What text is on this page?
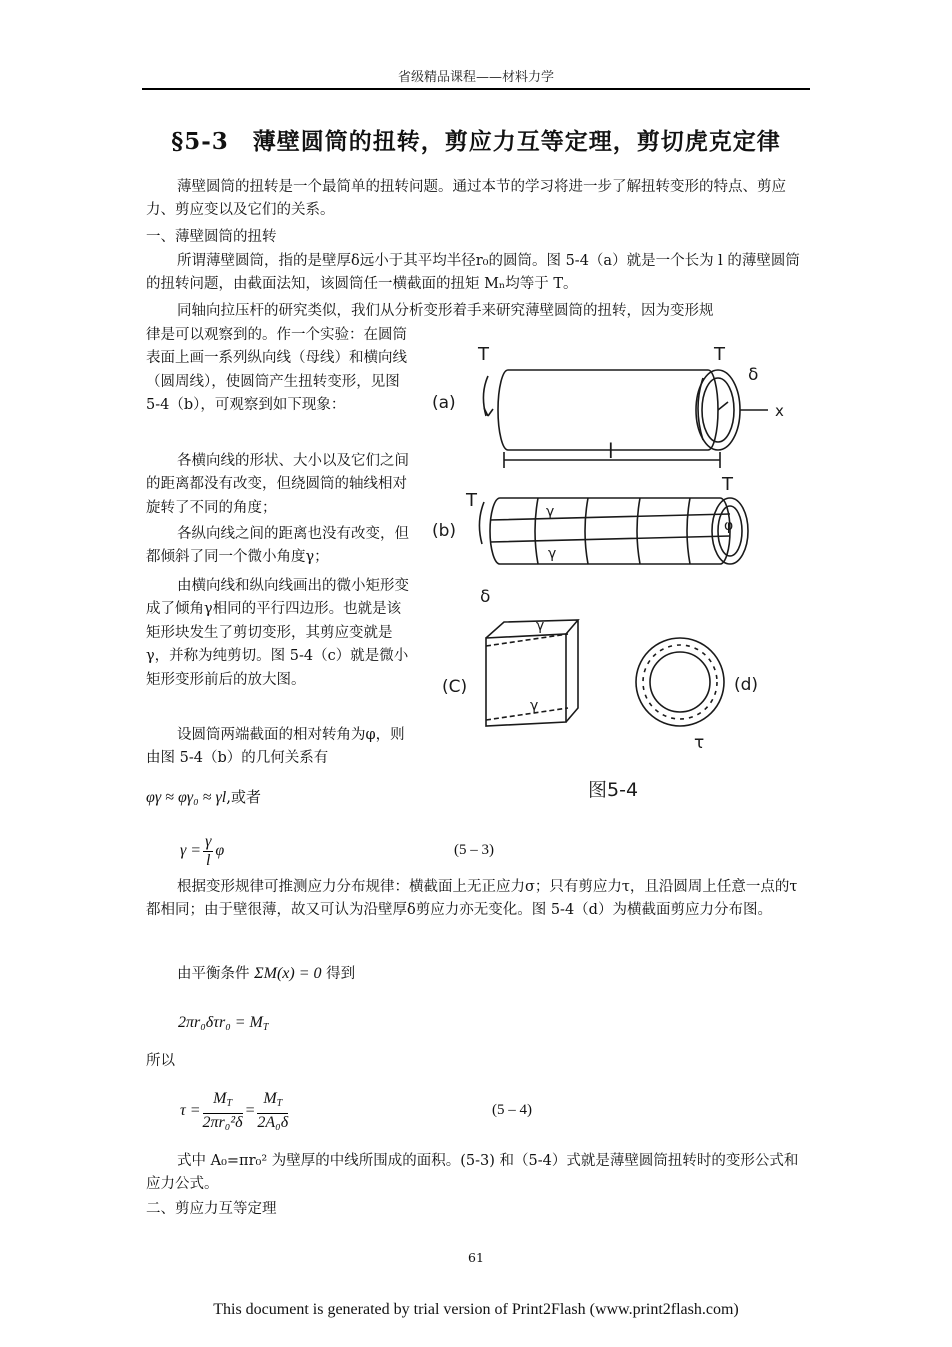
省级精品课程——材料力学
§5-3　薄壁圆筒的扭转，剪应力互等定理，剪切虎克定律
薄壁圆筒的扭转是一个最简单的扭转问题。通过本节的学习将进一步了解扭转变形的特点、剪应力、剪应变以及它们的关系。
一、薄壁圆筒的扭转
所谓薄壁圆筒，指的是壁厚δ远小于其平均半径r₀的圆筒。图 5-4（a）就是一个长为 l 的薄壁圆筒的扭转问题，由截面法知，该圆筒任一横截面的扭矩 Mₙ均等于 T。
同轴向拉压杆的研究类似，我们从分析变形着手来研究薄壁圆筒的扭转，因为变形规
律是可以观察到的。作一个实验：在圆筒表面上画一系列纵向线（母线）和横向线（圆周线），使圆筒产生扭转变形，见图 5-4（b），可观察到如下现象：
各横向线的形状、大小以及它们之间的距离都没有改变，但绕圆筒的轴线相对旋转了不同的角度；
各纵向线之间的距离也没有改变，但都倾斜了同一个微小角度γ；
由横向线和纵向线画出的微小矩形变成了倾角γ相同的平行四边形。也就是该矩形块发生了剪切变形，其剪应变就是γ，并称为纯剪切。图 5-4（c）就是微小矩形变形前后的放大图。
设圆筒两端截面的相对转角为φ，则由图 5-4（b）的几何关系有
φγ ≈ φγ₀ ≈ γl,或者
(a)
T
x
δ
T
l
(b)
T
γ
γ
φ
T
(C)
δ
γ
γ
(d)
τ
图5-4
$\gamma = \frac{\gamma}{l}$ φ	(5 – 3)
根据变形规律可推测应力分布规律：横截面上无正应力σ；只有剪应力τ，且沿圆周上任意一点的τ都相同；由于壁很薄，故又可认为沿壁厚δ剪应力亦无变化。图 5-4（d）为横截面剪应力分布图。
由平衡条件 ΣM(x) = 0 得到
$2\pi r_0\delta\tau r_0 = M_T$
所以
$\tau = \frac{M_T}{\text{2πr₀²δ}} = \frac{M_T}{\text{2A₀δ}}$	(5 – 4)
式中 A₀=πr₀² 为壁厚的中线所围成的面积。(5-3) 和（5-4）式就是薄壁圆筒扭转时的变形公式和应力公式。
二、剪应力互等定理
61
This document is generated by trial version of Print2Flash (www.print2flash.com)
